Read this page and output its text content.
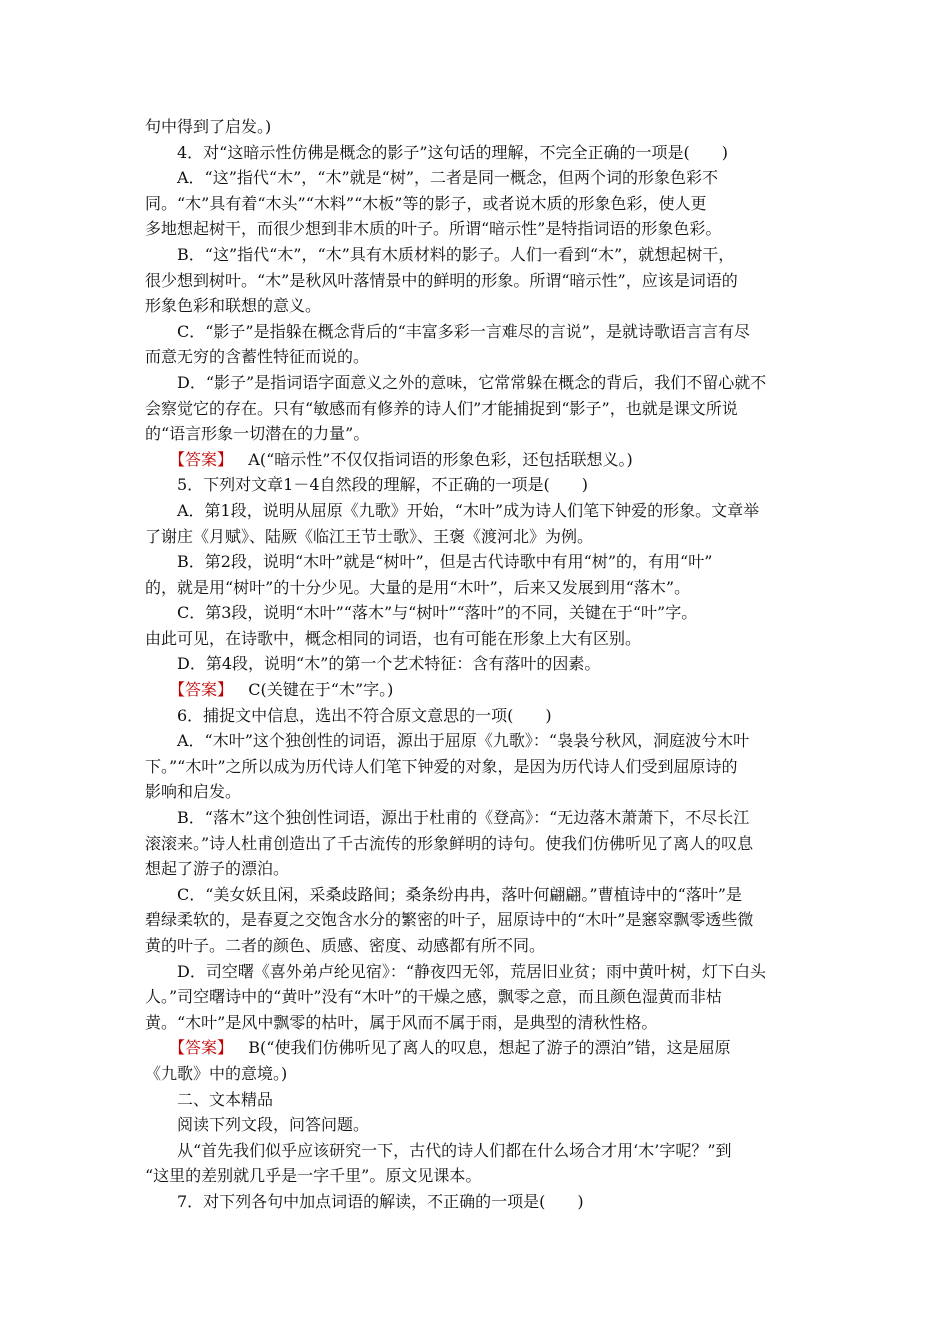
句中得到了启发。)
4．对“这暗示性仿佛是概念的影子”这句话的理解，不完全正确的一项是(　　)
A．“这”指代“木”，“木”就是“树”，二者是同一概念，但两个词的形象色彩不
同。“木”具有着“木头”“木料”“木板”等的影子，或者说木质的形象色彩，使人更
多地想起树干，而很少想到非木质的叶子。所谓“暗示性”是特指词语的形象色彩。
B．“这”指代“木”，“木”具有木质材料的影子。人们一看到“木”，就想起树干，
很少想到树叶。“木”是秋风叶落情景中的鲜明的形象。所谓“暗示性”，应该是词语的
形象色彩和联想的意义。
C．“影子”是指躲在概念背后的“丰富多彩一言难尽的言说”，是就诗歌语言言有尽
而意无穷的含蓄性特征而说的。
D．“影子”是指词语字面意义之外的意味，它常常躲在概念的背后，我们不留心就不
会察觉它的存在。只有“敏感而有修养的诗人们”才能捕捉到“影子”，也就是课文所说
的“语言形象一切潜在的力量”。
【答案】 A(“暗示性”不仅仅指词语的形象色彩，还包括联想义。)
5．下列对文章1－4自然段的理解，不正确的一项是(　　)
A．第1段，说明从屈原《九歌》开始，“木叶”成为诗人们笔下钟爱的形象。文章举
了谢庄《月赋》、陆厥《临江王节士歌》、王褒《渡河北》为例。
B．第2段，说明“木叶”就是“树叶”，但是古代诗歌中有用“树”的，有用“叶”
的，就是用“树叶”的十分少见。大量的是用“木叶”，后来又发展到用“落木”。
C．第3段，说明“木叶”“落木”与“树叶”“落叶”的不同，关键在于“叶”字。
由此可见，在诗歌中，概念相同的词语，也有可能在形象上大有区别。
D．第4段，说明“木”的第一个艺术特征：含有落叶的因素。
【答案】 C(关键在于“木”字。)
6．捕捉文中信息，选出不符合原文意思的一项(　　)
A．“木叶”这个独创性的词语，源出于屈原《九歌》：“袅袅兮秋风，洞庭波兮木叶
下。”“木叶”之所以成为历代诗人们笔下钟爱的对象，是因为历代诗人们受到屈原诗的
影响和启发。
B．“落木”这个独创性词语，源出于杜甫的《登高》：“无边落木萧萧下，不尽长江
滚滚来。”诗人杜甫创造出了千古流传的形象鲜明的诗句。使我们仿佛听见了离人的叹息
想起了游子的漂泊。
C．“美女妖且闲，采桑歧路间；桑条纷冉冉，落叶何翩翩。”曹植诗中的“落叶”是
碧绿柔软的，是春夏之交饱含水分的繁密的叶子，屈原诗中的“木叶”是窸窣飘零透些微
黄的叶子。二者的颜色、质感、密度、动感都有所不同。
D．司空曙《喜外弟卢纶见宿》：“静夜四无邻，荒居旧业贫；雨中黄叶树，灯下白头
人。”司空曙诗中的“黄叶”没有“木叶”的干燥之感，飘零之意，而且颜色湿黄而非枯
黄。“木叶”是风中飘零的枯叶，属于风而不属于雨，是典型的清秋性格。
【答案】 B(“使我们仿佛听见了离人的叹息，想起了游子的漂泊”错，这是屈原
《九歌》中的意境。)
二、文本精品
阅读下列文段，问答问题。
从“首先我们似乎应该研究一下，古代的诗人们都在什么场合才用‘木’字呢？”到
“这里的差别就几乎是一字千里”。原文见课本。
7．对下列各句中加点词语的解读，不正确的一项是(　　)
